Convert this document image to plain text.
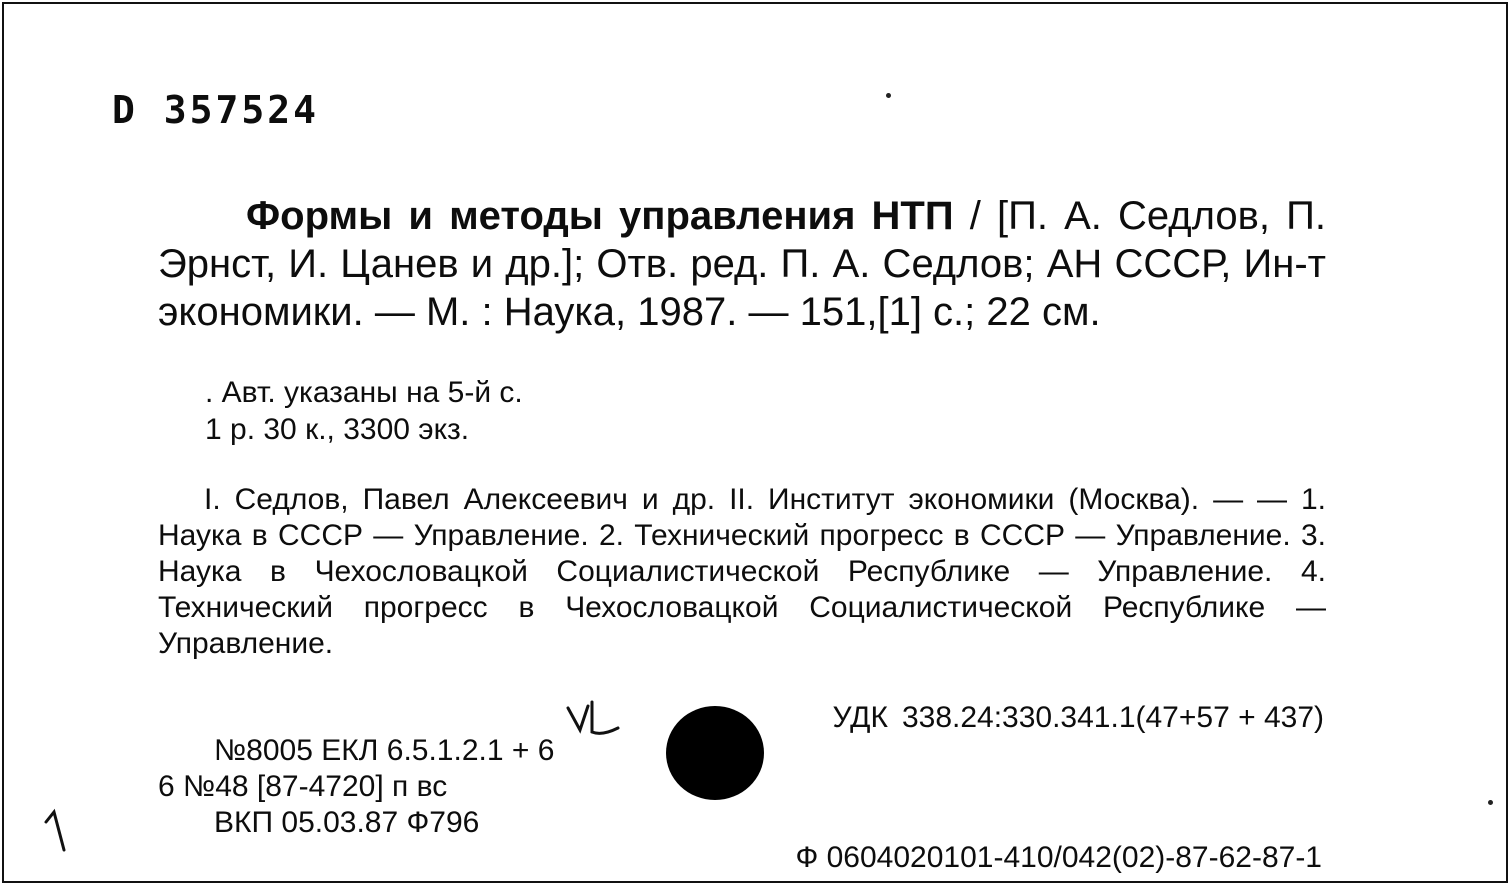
D 357524
Формы и методы управления НТП / [П. А. Седлов, П. Эрнст, И. Цанев и др.]; Отв. ред. П. А. Седлов; АН СССР, Ин-т экономики. — М. : Наука, 1987. — 151,[1] с.; 22 см.
. Авт. указаны на 5-й с.
1 р. 30 к., 3300 экз.
I. Седлов, Павел Алексеевич и др. II. Институт экономики (Москва). — — 1. Наука в СССР — Управление. 2. Технический прогресс в СССР — Управление. 3. Наука в Чехословацкой Социалистической Республике — Управление. 4. Технический прогресс в Чехословацкой Социалистической Республике — Управление.
УДК 338.24:330.341.1(47+57 + 437)
№8005 ЕКЛ 6.5.1.2.1 + 6
6 №48 [87-4720] п вс
ВКП 05.03.87 Ф796
Ф 0604020101-410/042(02)-87-62-87-1
